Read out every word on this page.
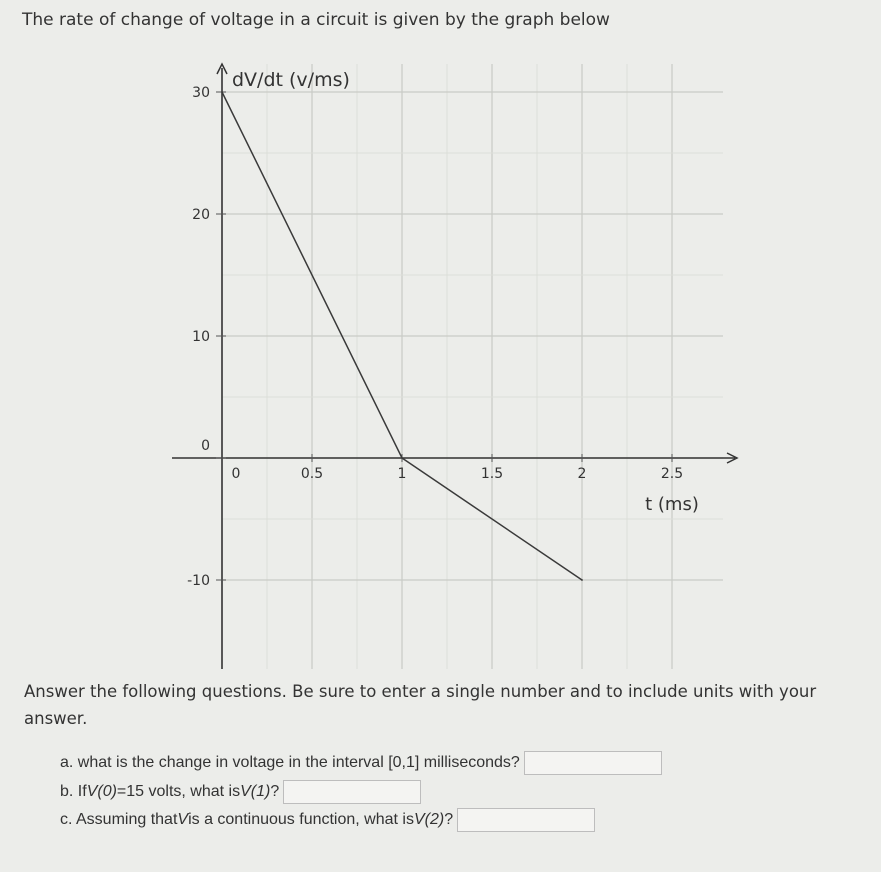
The rate of change of voltage in a circuit is given by the graph below
30
20
10
0
-10
0	0.5	1	1.5	2	2.5
dV/dt (v/ms)
t (ms)
Answer the following questions. Be sure to enter a single number and to include units with your answer.
a. what is the change in voltage in the interval [0,1] milliseconds?
b. If V(0) =15 volts, what is V(1) ?
c. Assuming that V is a continuous function, what is V(2) ?
